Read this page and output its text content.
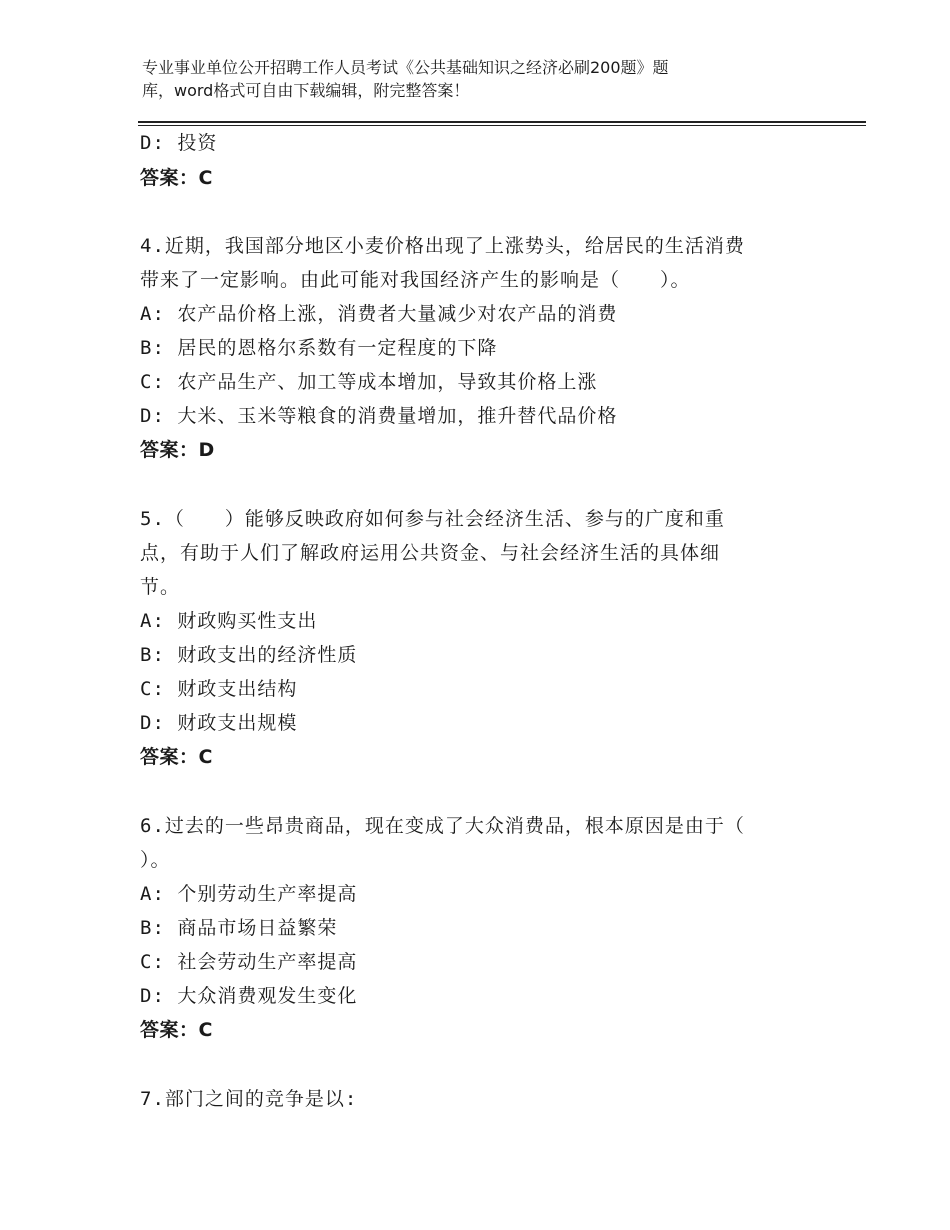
专业事业单位公开招聘工作人员考试《公共基础知识之经济必刷200题》题
库，word格式可自由下载编辑，附完整答案！
D: 投资
答案：C
4.近期，我国部分地区小麦价格出现了上涨势头，给居民的生活消费
带来了一定影响。由此可能对我国经济产生的影响是（　　）。
A: 农产品价格上涨，消费者大量减少对农产品的消费
B: 居民的恩格尔系数有一定程度的下降
C: 农产品生产、加工等成本增加，导致其价格上涨
D: 大米、玉米等粮食的消费量增加，推升替代品价格
答案：D
5.（　　）能够反映政府如何参与社会经济生活、参与的广度和重
点，有助于人们了解政府运用公共资金、与社会经济生活的具体细
节。
A: 财政购买性支出
B: 财政支出的经济性质
C: 财政支出结构
D: 财政支出规模
答案：C
6.过去的一些昂贵商品，现在变成了大众消费品，根本原因是由于（
）。
A: 个别劳动生产率提高
B: 商品市场日益繁荣
C: 社会劳动生产率提高
D: 大众消费观发生变化
答案：C
7.部门之间的竞争是以:
